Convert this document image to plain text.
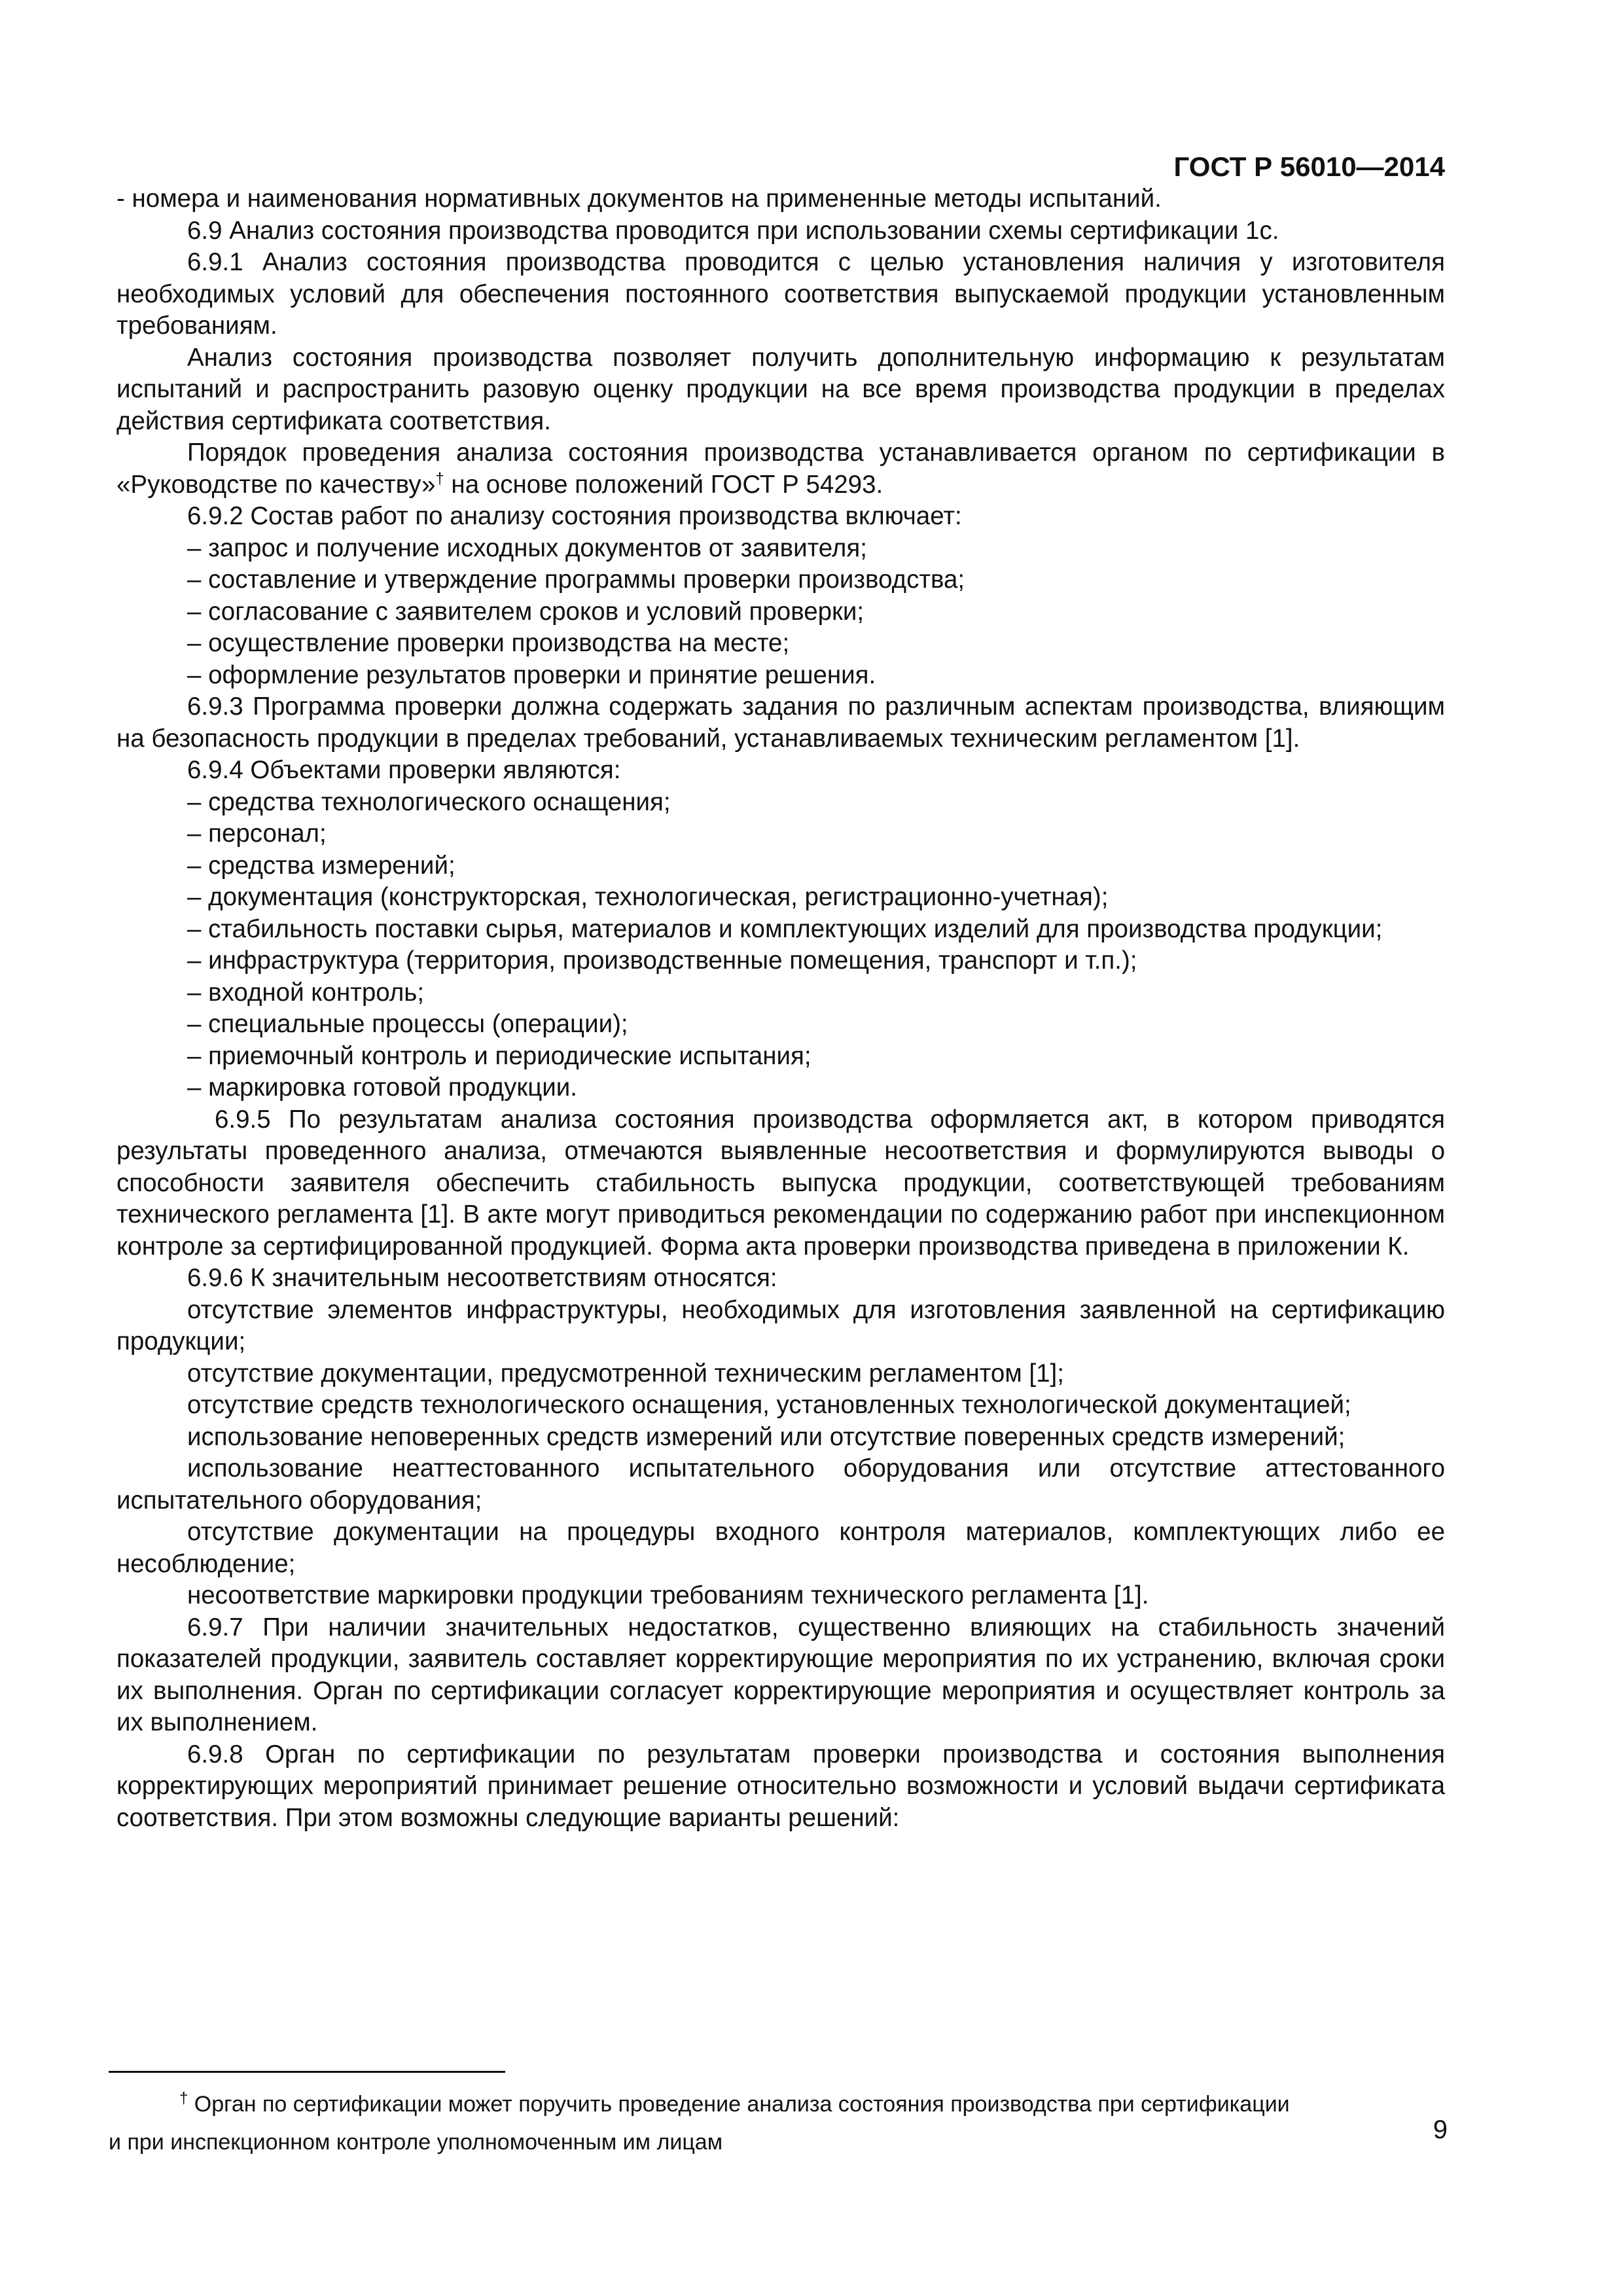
ГОСТ Р 56010—2014

- номера и наименования нормативных документов на примененные методы испытаний.

6.9 Анализ состояния производства проводится при использовании схемы сертификации 1с.

6.9.1 Анализ состояния производства проводится с целью установления наличия у изготовителя необходимых условий для обеспечения постоянного соответствия выпускаемой продукции установленным требованиям.

Анализ состояния производства позволяет получить дополнительную информацию к результатам испытаний и распространить разовую оценку продукции на все время производства продукции в пределах действия сертификата соответствия.

Порядок проведения анализа состояния производства устанавливается органом по сертификации в «Руководстве по качеству»† на основе положений ГОСТ Р 54293.

6.9.2 Состав работ по анализу состояния производства включает:

– запрос и получение исходных документов от заявителя;

– составление и утверждение программы проверки производства;

– согласование с заявителем сроков и условий проверки;

– осуществление проверки производства на месте;

– оформление результатов проверки и принятие решения.

6.9.3 Программа проверки должна содержать задания по различным аспектам производства, влияющим на безопасность продукции в пределах требований, устанавливаемых техническим регламентом [1].

6.9.4 Объектами проверки являются:

– средства технологического оснащения;

– персонал;

– средства измерений;

– документация (конструкторская, технологическая, регистрационно-учетная);

– стабильность поставки сырья, материалов и комплектующих изделий для производства продукции;

– инфраструктура (территория, производственные помещения, транспорт и т.п.);

– входной контроль;

– специальные процессы (операции);

– приемочный контроль и периодические испытания;

– маркировка готовой продукции.

6.9.5 По результатам анализа состояния производства оформляется акт, в котором приводятся результаты проведенного анализа, отмечаются выявленные несоответствия и формулируются выводы о способности заявителя обеспечить стабильность выпуска продукции, соответствующей требованиям технического регламента [1]. В акте могут приводиться рекомендации по содержанию работ при инспекционном контроле за сертифицированной продукцией. Форма акта проверки производства приведена в приложении К.

6.9.6 К значительным несоответствиям относятся:

отсутствие элементов инфраструктуры, необходимых для изготовления заявленной на сертификацию продукции;

отсутствие документации, предусмотренной техническим регламентом [1];

отсутствие средств технологического оснащения, установленных технологической документацией;

использование неповеренных средств измерений или отсутствие поверенных средств измерений;

использование неаттестованного испытательного оборудования или отсутствие аттестованного испытательного оборудования;

отсутствие документации на процедуры входного контроля материалов, комплектующих либо ее несоблюдение;

несоответствие маркировки продукции требованиям технического регламента [1].

6.9.7 При наличии значительных недостатков, существенно влияющих на стабильность значений показателей продукции, заявитель составляет корректирующие мероприятия по их устранению, включая сроки их выполнения. Орган по сертификации согласует корректирующие мероприятия и осуществляет контроль за их выполнением.

6.9.8 Орган по сертификации по результатам проверки производства и состояния выполнения корректирующих мероприятий принимает решение относительно возможности и условий выдачи сертификата соответствия. При этом возможны следующие варианты решений:

† Орган по сертификации может поручить проведение анализа состояния производства при сертификации
и при инспекционном контроле уполномоченным им лицам	9
